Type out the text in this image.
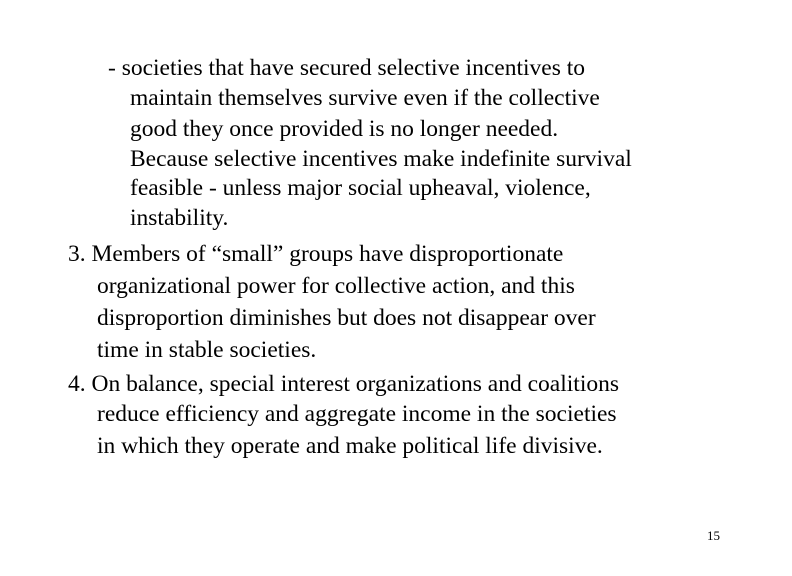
- societies that have secured selective incentives to
maintain themselves survive even if the collective
good they once provided is no longer needed.
Because selective incentives make indefinite survival
feasible - unless major social upheaval, violence,
instability.
3. Members of “small” groups have disproportionate
organizational power for collective action, and this
disproportion diminishes but does not disappear over
time in stable societies.
4. On balance, special interest organizations and coalitions
reduce efficiency and aggregate income in the societies
in which they operate and make political life divisive.
15
